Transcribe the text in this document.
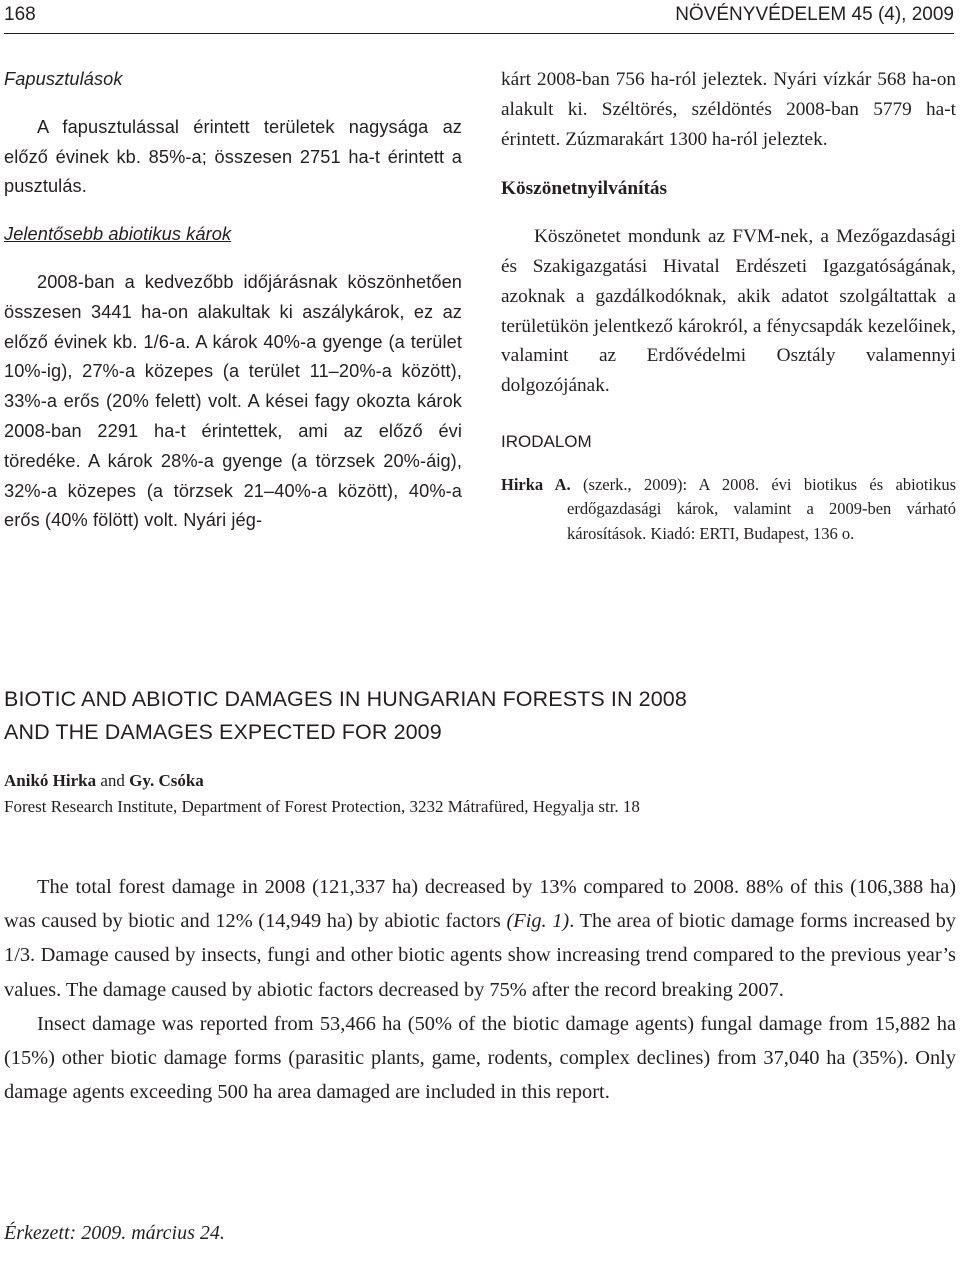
168	NÖVÉNYVÉDELEM 45 (4), 2009

Fapusztulások

A fapusztulással érintett területek nagysága az előző évinek kb. 85%-a; összesen 2751 ha-t érintett a pusztulás.

Jelentősebb abiotikus károk

2008-ban a kedvezőbb időjárásnak köszönhetően összesen 3441 ha-on alakultak ki aszálykárok, ez az előző évinek kb. 1/6-a. A károk 40%-a gyenge (a terület 10%-ig), 27%-a közepes (a terület 11–20%-a között), 33%-a erős (20% felett) volt. A kései fagy okozta károk 2008-ban 2291 ha-t érintettek, ami az előző évi töredéke. A károk 28%-a gyenge (a törzsek 20%-áig), 32%-a közepes (a törzsek 21–40%-a között), 40%-a erős (40% fölött) volt. Nyári jég-

kárt 2008-ban 756 ha-ról jeleztek. Nyári vízkár 568 ha-on alakult ki. Széltörés, széldöntés 2008-ban 5779 ha-t érintett. Zúzmarakárt 1300 ha-ról jeleztek.

Köszönetnyilvánítás

Köszönetet mondunk az FVM-nek, a Mezőgazdasági és Szakigazgatási Hivatal Erdészeti Igazgatóságának, azoknak a gazdálkodóknak, akik adatot szolgáltattak a területükön jelentkező károkról, a fénycsapdák kezelőinek, valamint az Erdővédelmi Osztály valamennyi dolgozójának.

IRODALOM

Hirka A. (szerk., 2009): A 2008. évi biotikus és abiotikus erdőgazdasági károk, valamint a 2009-ben várható károsítások. Kiadó: ERTI, Budapest, 136 o.

BIOTIC AND ABIOTIC DAMAGES IN HUNGARIAN FORESTS IN 2008
AND THE DAMAGES EXPECTED FOR 2009
Anikó Hirka and Gy. Csóka
Forest Research Institute, Department of Forest Protection, 3232 Mátrafüred, Hegyalja str. 18

The total forest damage in 2008 (121,337 ha) decreased by 13% compared to 2008. 88% of this (106,388 ha) was caused by biotic and 12% (14,949 ha) by abiotic factors (Fig. 1). The area of biotic damage forms increased by 1/3. Damage caused by insects, fungi and other biotic agents show increasing trend compared to the previous year’s values. The damage caused by abiotic factors decreased by 75% after the record breaking 2007.

Insect damage was reported from 53,466 ha (50% of the biotic damage agents) fungal damage from 15,882 ha (15%) other biotic damage forms (parasitic plants, game, rodents, complex declines) from 37,040 ha (35%). Only damage agents exceeding 500 ha area damaged are included in this report.

Érkezett: 2009. március 24.
